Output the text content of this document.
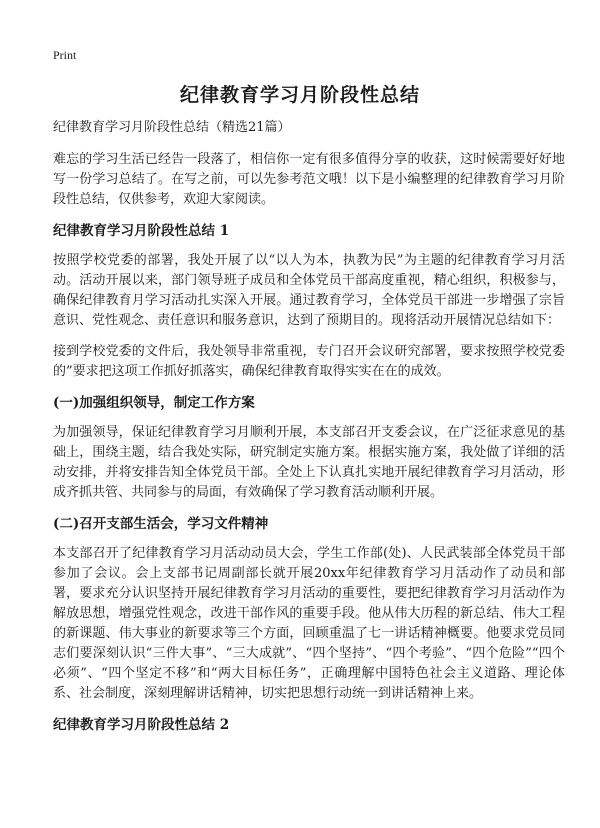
Print
纪律教育学习月阶段性总结
纪律教育学习月阶段性总结（精选21篇）

难忘的学习生活已经告一段落了，相信你一定有很多值得分享的收获，这时候需要好好地写一份学习总结了。在写之前，可以先参考范文哦！以下是小编整理的纪律教育学习月阶段性总结，仅供参考，欢迎大家阅读。

纪律教育学习月阶段性总结 1

按照学校党委的部署，我处开展了以“以人为本，执教为民”为主题的纪律教育学习月活动。活动开展以来，部门领导班子成员和全体党员干部高度重视，精心组织，积极参与，确保纪律教育月学习活动扎实深入开展。通过教育学习，全体党员干部进一步增强了宗旨意识、党性观念、责任意识和服务意识，达到了预期目的。现将活动开展情况总结如下：

接到学校党委的文件后，我处领导非常重视，专门召开会议研究部署，要求按照学校党委的”要求把这项工作抓好抓落实，确保纪律教育取得实实在在的成效。

(一)加强组织领导，制定工作方案

为加强领导，保证纪律教育学习月顺利开展，本支部召开支委会议，在广泛征求意见的基础上，围绕主题，结合我处实际，研究制定实施方案。根据实施方案，我处做了详细的活动安排，并将安排告知全体党员干部。全处上下认真扎实地开展纪律教育学习月活动，形成齐抓共管、共同参与的局面，有效确保了学习教育活动顺利开展。

(二)召开支部生活会，学习文件精神

本支部召开了纪律教育学习月活动动员大会，学生工作部(处)、人民武装部全体党员干部参加了会议。会上支部书记周副部长就开展20xx年纪律教育学习月活动作了动员和部署，要求充分认识坚持开展纪律教育学习月活动的重要性，要把纪律教育学习月活动作为解放思想，增强党性观念，改进干部作风的重要手段。他从伟大历程的新总结、伟大工程的新课题、伟大事业的新要求等三个方面，回顾重温了七一讲话精神概要。他要求党员同志们要深刻认识“三件大事”、“三大成就”、“四个坚持”、“四个考验”、“四个危险”“四个必须”、“四个坚定不移”和“两大目标任务”，正确理解中国特色社会主义道路、理论体系、社会制度，深刻理解讲话精神，切实把思想行动统一到讲话精神上来。

纪律教育学习月阶段性总结 2
